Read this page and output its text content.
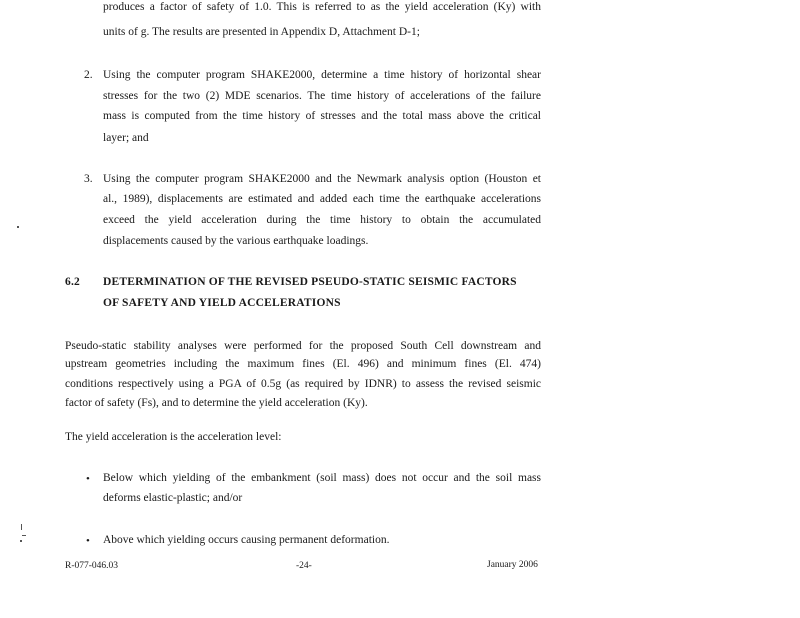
produces a factor of safety of 1.0. This is referred to as the yield acceleration (Ky) with
units of g. The results are presented in Appendix D, Attachment D-1;
2. Using the computer program SHAKE2000, determine a time history of horizontal shear
stresses for the two (2) MDE scenarios. The time history of accelerations of the failure
mass is computed from the time history of stresses and the total mass above the critical
layer; and
3. Using the computer program SHAKE2000 and the Newmark analysis option (Houston et
al., 1989), displacements are estimated and added each time the earthquake accelerations
exceed the yield acceleration during the time history to obtain the accumulated
displacements caused by the various earthquake loadings.
6.2 DETERMINATION OF THE REVISED PSEUDO-STATIC SEISMIC FACTORS
OF SAFETY AND YIELD ACCELERATIONS
Pseudo-static stability analyses were performed for the proposed South Cell downstream and
upstream geometries including the maximum fines (El. 496) and minimum fines (El. 474)
conditions respectively using a PGA of 0.5g (as required by IDNR) to assess the revised seismic
factor of safety (Fs), and to determine the yield acceleration (Ky).
The yield acceleration is the acceleration level:
• Below which yielding of the embankment (soil mass) does not occur and the soil mass
deforms elastic-plastic; and/or
• Above which yielding occurs causing permanent deformation.
R-077-046.03	-24-	January 2006
